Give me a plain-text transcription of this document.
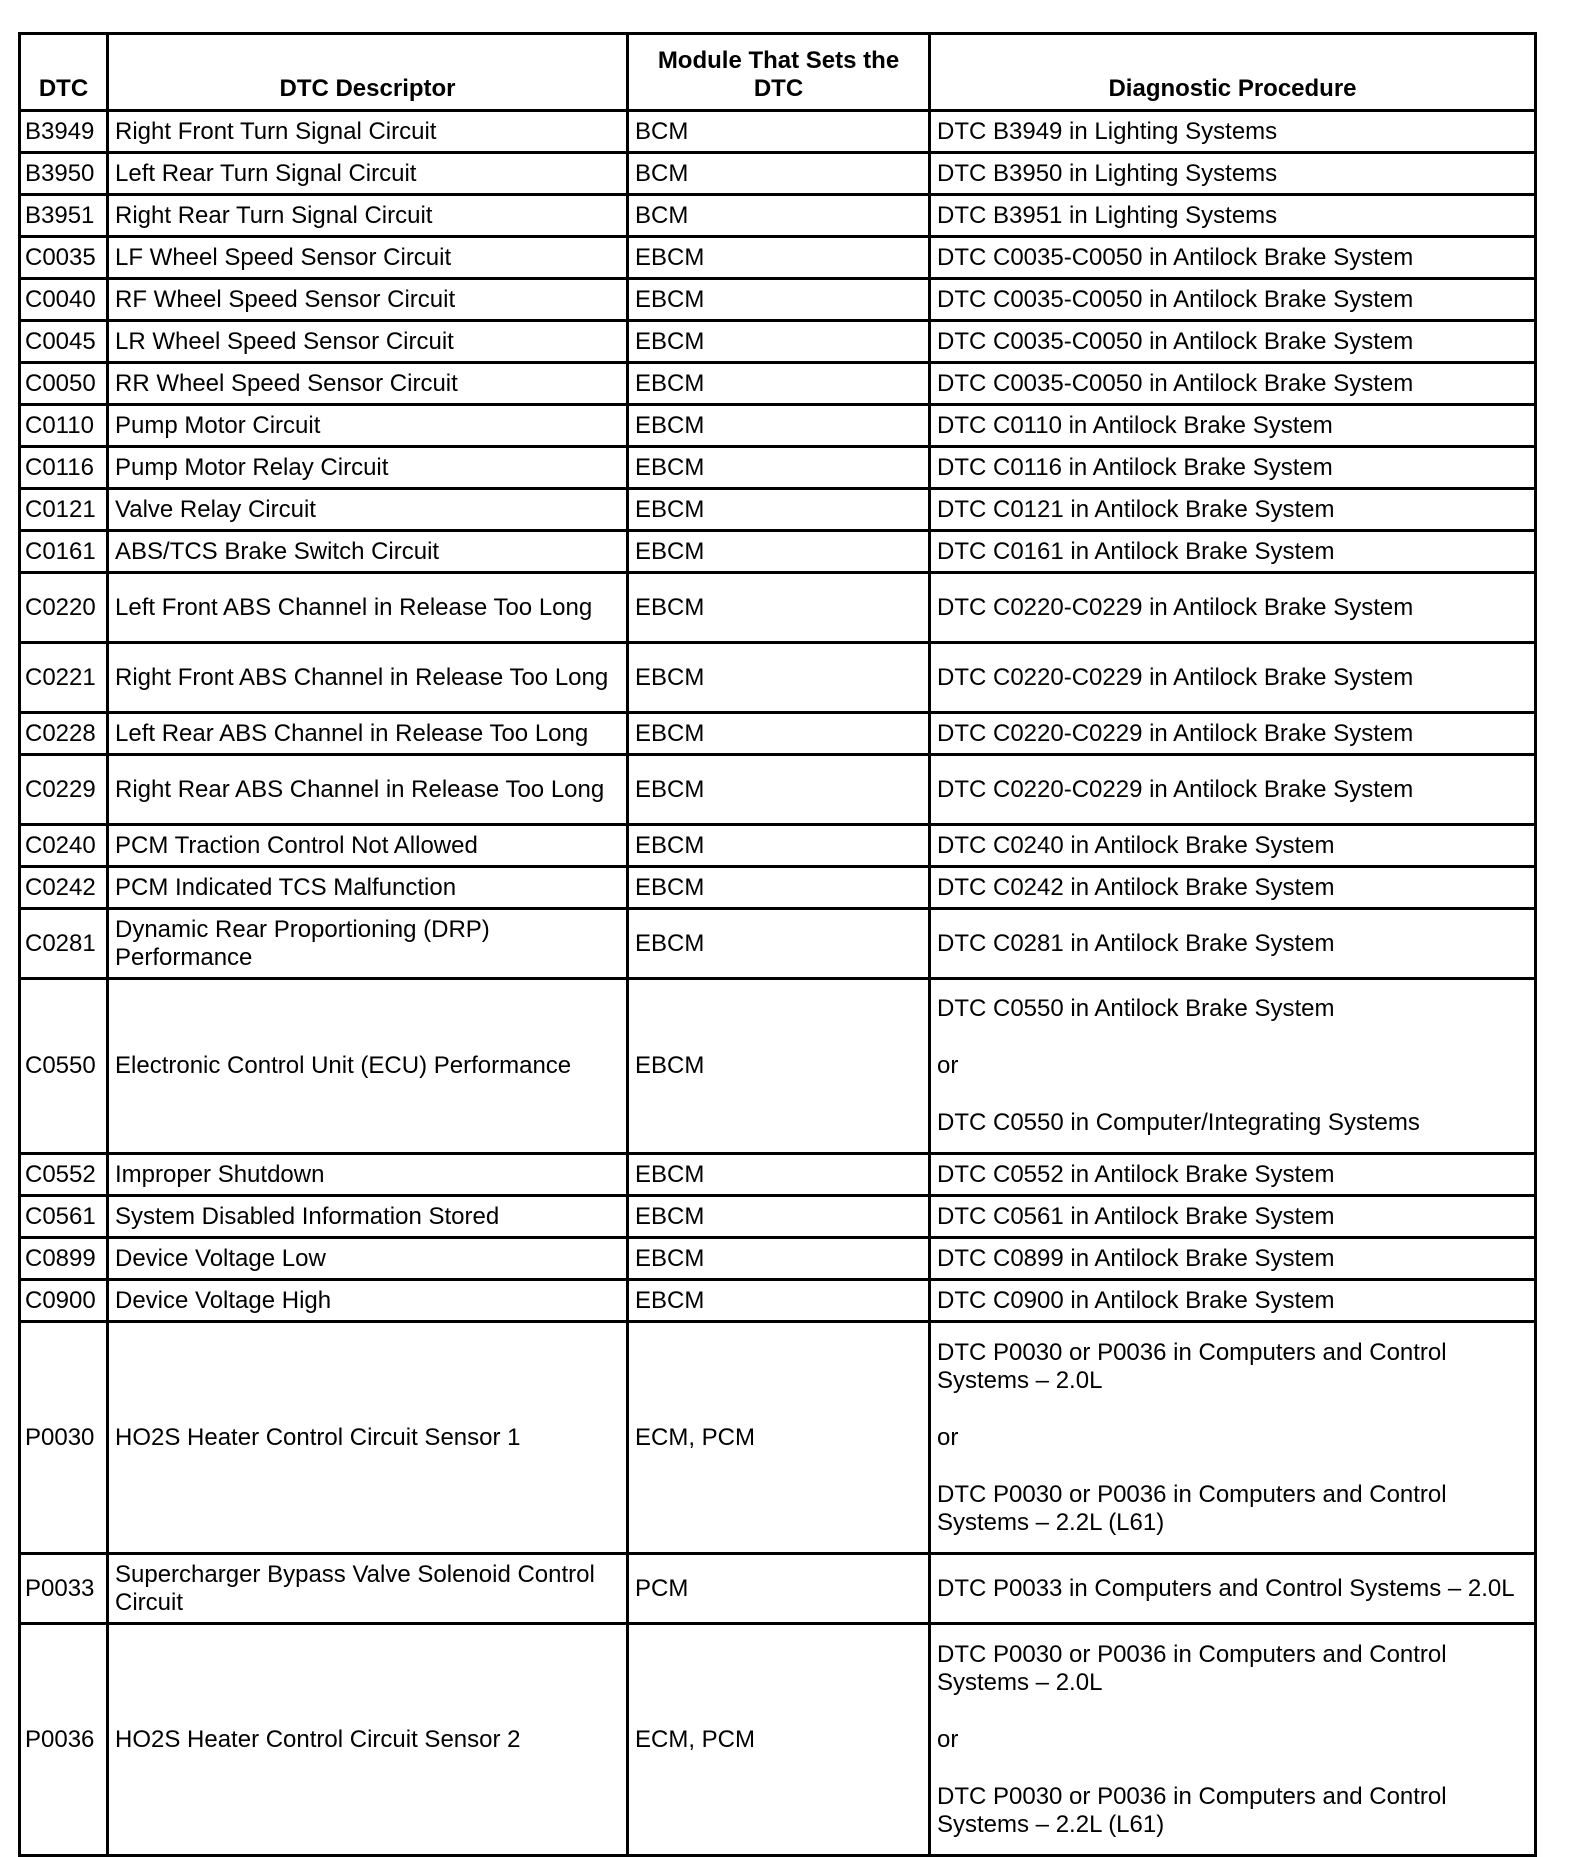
DTC	DTC Descriptor	Module That Sets the DTC	Diagnostic Procedure
B3949	Right Front Turn Signal Circuit	BCM	DTC B3949 in Lighting Systems

B3950	Left Rear Turn Signal Circuit	BCM	DTC B3950 in Lighting Systems

B3951	Right Rear Turn Signal Circuit	BCM	DTC B3951 in Lighting Systems

C0035	LF Wheel Speed Sensor Circuit	EBCM	DTC C0035-C0050 in Antilock Brake System

C0040	RF Wheel Speed Sensor Circuit	EBCM	DTC C0035-C0050 in Antilock Brake System

C0045	LR Wheel Speed Sensor Circuit	EBCM	DTC C0035-C0050 in Antilock Brake System

C0050	RR Wheel Speed Sensor Circuit	EBCM	DTC C0035-C0050 in Antilock Brake System

C0110	Pump Motor Circuit	EBCM	DTC C0110 in Antilock Brake System

C0116	Pump Motor Relay Circuit	EBCM	DTC C0116 in Antilock Brake System

C0121	Valve Relay Circuit	EBCM	DTC C0121 in Antilock Brake System

C0161	ABS/TCS Brake Switch Circuit	EBCM	DTC C0161 in Antilock Brake System

C0220	Left Front ABS Channel in Release Too Long	EBCM	DTC C0220-C0229 in Antilock Brake System

C0221	Right Front ABS Channel in Release Too Long	EBCM	DTC C0220-C0229 in Antilock Brake System

C0228	Left Rear ABS Channel in Release Too Long	EBCM	DTC C0220-C0229 in Antilock Brake System

C0229	Right Rear ABS Channel in Release Too Long	EBCM	DTC C0220-C0229 in Antilock Brake System

C0240	PCM Traction Control Not Allowed	EBCM	DTC C0240 in Antilock Brake System

C0242	PCM Indicated TCS Malfunction	EBCM	DTC C0242 in Antilock Brake System

C0281	Dynamic Rear Proportioning (DRP) Performance	EBCM	DTC C0281 in Antilock Brake System

C0550	Electronic Control Unit (ECU) Performance	EBCM	DTC C0550 in Antilock Brake System
or
DTC C0550 in Computer/Integrating Systems

C0552	Improper Shutdown	EBCM	DTC C0552 in Antilock Brake System

C0561	System Disabled Information Stored	EBCM	DTC C0561 in Antilock Brake System

C0899	Device Voltage Low	EBCM	DTC C0899 in Antilock Brake System

C0900	Device Voltage High	EBCM	DTC C0900 in Antilock Brake System

P0030	HO2S Heater Control Circuit Sensor 1	ECM, PCM	DTC P0030 or P0036 in Computers and Control Systems – 2.0L
or
DTC P0030 or P0036 in Computers and Control Systems – 2.2L (L61)

P0033	Supercharger Bypass Valve Solenoid Control Circuit	PCM	DTC P0033 in Computers and Control Systems – 2.0L

P0036	HO2S Heater Control Circuit Sensor 2	ECM, PCM	DTC P0030 or P0036 in Computers and Control Systems – 2.0L
or
DTC P0030 or P0036 in Computers and Control Systems – 2.2L (L61)
